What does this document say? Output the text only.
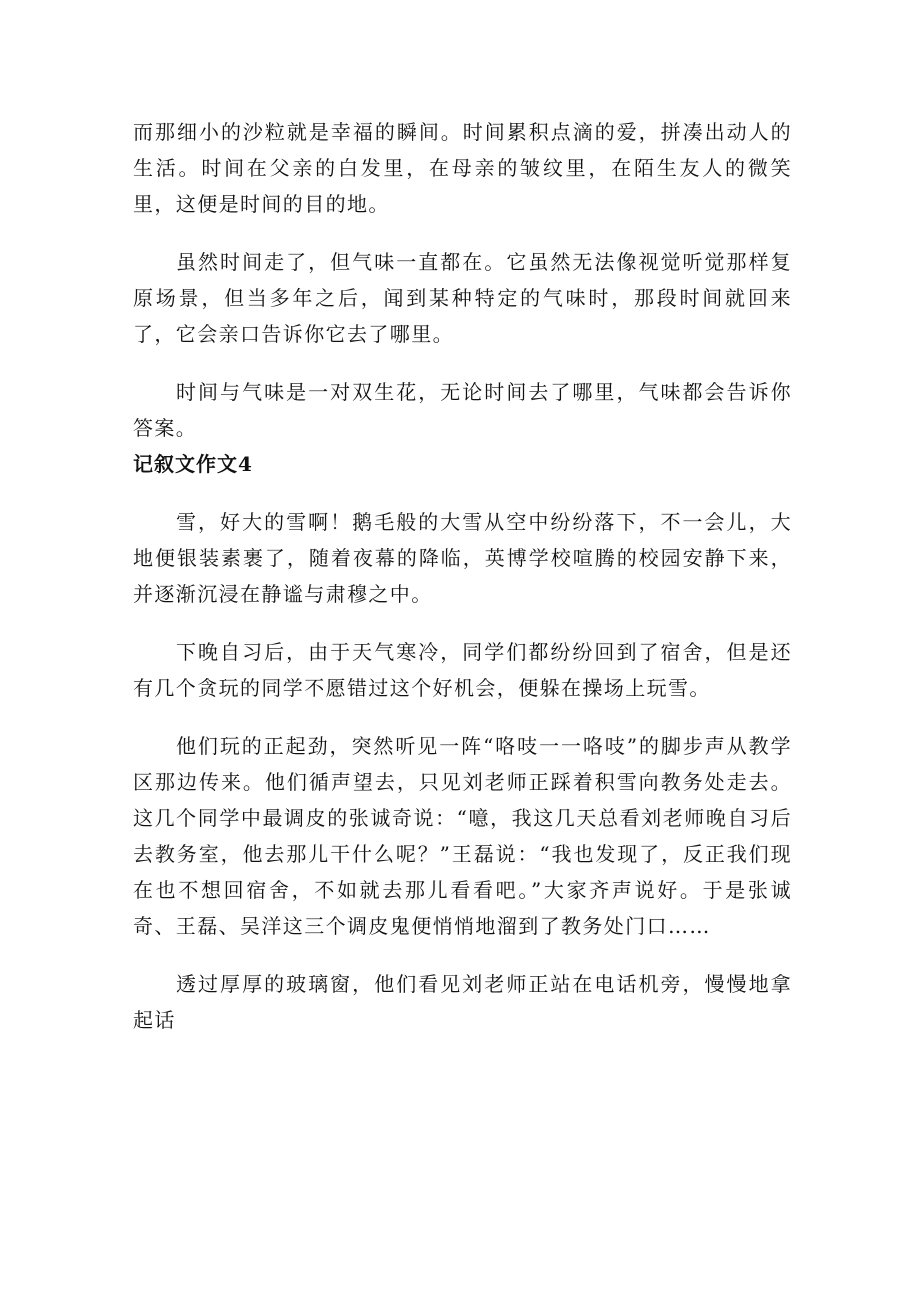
而那细小的沙粒就是幸福的瞬间。时间累积点滴的爱，拼凑出动人的生活。时间在父亲的白发里，在母亲的皱纹里，在陌生友人的微笑里，这便是时间的目的地。

虽然时间走了，但气味一直都在。它虽然无法像视觉听觉那样复原场景，但当多年之后，闻到某种特定的气味时，那段时间就回来了，它会亲口告诉你它去了哪里。

时间与气味是一对双生花，无论时间去了哪里，气味都会告诉你答案。

记叙文作文4

雪，好大的雪啊！鹅毛般的大雪从空中纷纷落下，不一会儿，大地便银装素裹了，随着夜幕的降临，英博学校喧腾的校园安静下来，并逐渐沉浸在静谧与肃穆之中。

下晚自习后，由于天气寒冷，同学们都纷纷回到了宿舍，但是还有几个贪玩的同学不愿错过这个好机会，便躲在操场上玩雪。

他们玩的正起劲，突然听见一阵“咯吱一一咯吱”的脚步声从教学区那边传来。他们循声望去，只见刘老师正踩着积雪向教务处走去。这几个同学中最调皮的张诚奇说：“噫，我这几天总看刘老师晚自习后去教务室，他去那儿干什么呢？”王磊说：“我也发现了，反正我们现在也不想回宿舍，不如就去那儿看看吧。”大家齐声说好。于是张诚奇、王磊、吴洋这三个调皮鬼便悄悄地溜到了教务处门口……

透过厚厚的玻璃窗，他们看见刘老师正站在电话机旁，慢慢地拿起话
